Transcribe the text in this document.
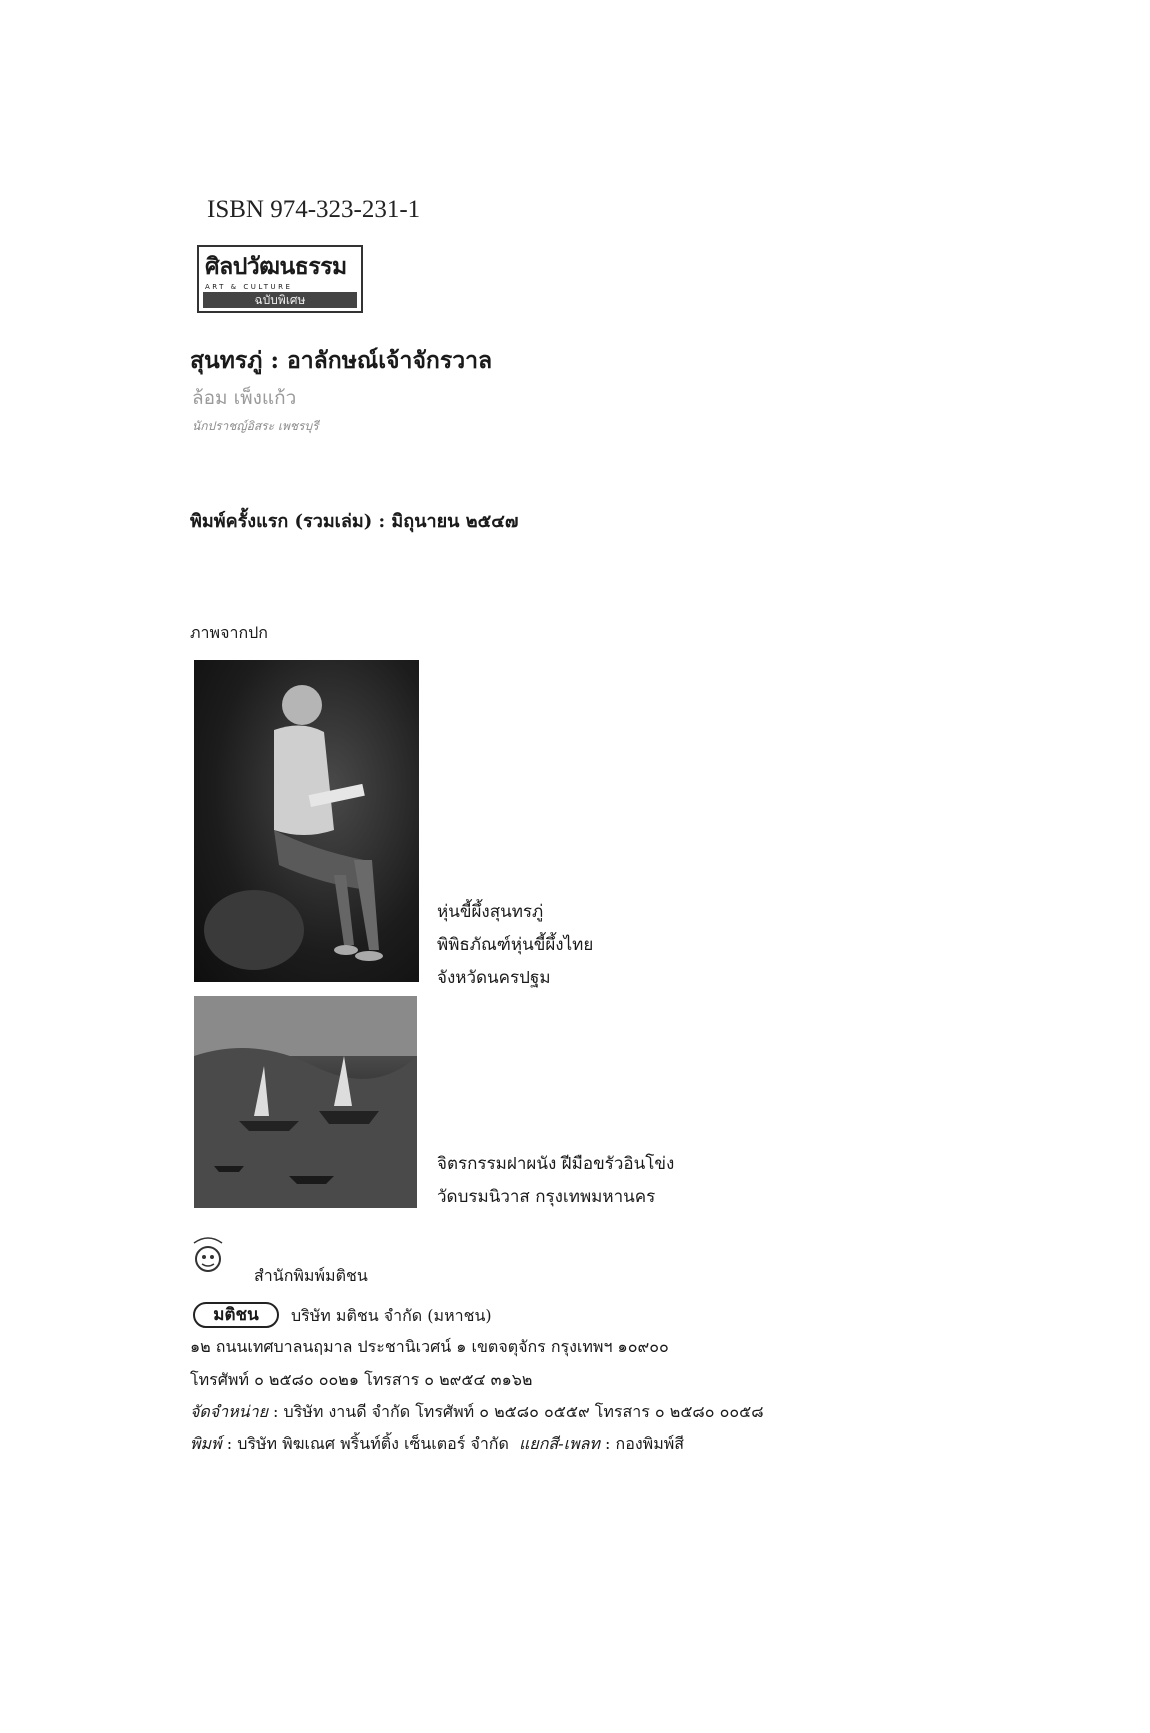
ISBN 974-323-231-1
ศิลปวัฒนธรรม
ART & CULTURE
ฉบับพิเศษ
สุนทรภู่ : อาลักษณ์เจ้าจักรวาล
ล้อม เพ็งแก้ว
นักปราชญ์อิสระ เพชรบุรี
พิมพ์ครั้งแรก (รวมเล่ม) : มิถุนายน ๒๕๔๗
ภาพจากปก
หุ่นขี้ผึ้งสุนทรภู่
พิพิธภัณฑ์หุ่นขี้ผึ้งไทย
จังหวัดนครปฐม
จิตรกรรมฝาผนัง ฝีมือขรัวอินโข่ง
วัดบรมนิวาส กรุงเทพมหานคร
สำนักพิมพ์มติชน
มติชน	บริษัท มติชน จำกัด (มหาชน)
๑๒ ถนนเทศบาลนฤมาล ประชานิเวศน์ ๑ เขตจตุจักร กรุงเทพฯ ๑๐๙๐๐
โทรศัพท์ ๐ ๒๕๘๐ ๐๐๒๑ โทรสาร ๐ ๒๙๕๔ ๓๑๖๒
จัดจำหน่าย : บริษัท งานดี จำกัด โทรศัพท์ ๐ ๒๕๘๐ ๐๕๕๙ โทรสาร ๐ ๒๕๘๐ ๐๐๕๘
พิมพ์ : บริษัท พิฆเณศ พริ้นท์ติ้ง เซ็นเตอร์ จำกัด แยกสี-เพลท : กองพิมพ์สี
